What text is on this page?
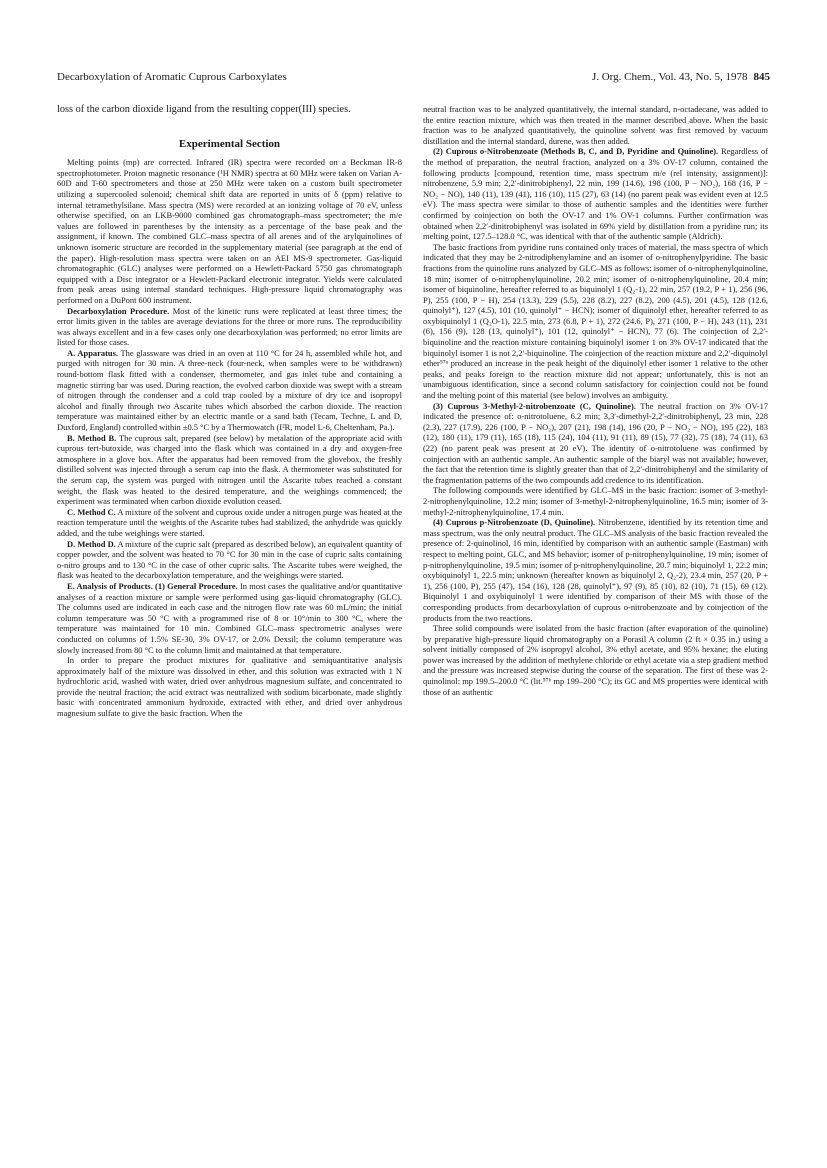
Decarboxylation of Aromatic Cuprous Carboxylates	J. Org. Chem., Vol. 43, No. 5, 1978 845

loss of the carbon dioxide ligand from the resulting copper(III) species.

Experimental Section

Melting points (mp) are corrected. Infrared (IR) spectra were recorded on a Beckman IR-8 spectrophotometer. Proton magnetic resonance (¹H NMR) spectra at 60 MHz were taken on Varian A-60D and T-60 spectrometers and those at 250 MHz were taken on a custom built spectrometer utilizing a supercooled solenoid; chemical shift data are reported in units of δ (ppm) relative to internal tetramethylsilane. Mass spectra (MS) were recorded at an ionizing voltage of 70 eV, unless otherwise specified, on an LKB-9000 combined gas chromatograph–mass spectrometer; the m/e values are followed in parentheses by the intensity as a percentage of the base peak and the assignment, if known. The combined GLC–mass spectra of all arenes and of the arylquinolines of unknown isomeric structure are recorded in the supplementary material (see paragraph at the end of the paper). High-resolution mass spectra were taken on an AEI MS-9 spectrometer. Gas-liquid chromatographic (GLC) analyses were performed on a Hewlett-Packard 5750 gas chromatograph equipped with a Disc integrator or a Hewlett-Packard electronic integrator. Yields were calculated from peak areas using internal standard techniques. High-pressure liquid chromatography was performed on a DuPont 600 instrument.

Decarboxylation Procedure. Most of the kinetic runs were replicated at least three times; the error limits given in the tables are average deviations for the three or more runs. The reproducibility was always excellent and in a few cases only one decarboxylation was performed; no error limits are listed for those cases.

A. Apparatus. The glassware was dried in an oven at 110 °C for 24 h, assembled while hot, and purged with nitrogen for 30 min. A three-neck (four-neck, when samples were to be withdrawn) round-bottom flask fitted with a condenser, thermometer, and gas inlet tube and containing a magnetic stirring bar was used. During reaction, the evolved carbon dioxide was swept with a stream of nitrogen through the condenser and a cold trap cooled by a mixture of dry ice and isopropyl alcohol and finally through two Ascarite tubes which absorbed the carbon dioxide. The reaction temperature was maintained either by an electric mantle or a sand bath (Tecam, Techne, L and D, Duxford, England) controlled within ±0.5 °C by a Thermowatch (I²R, model L-6, Cheltenham, Pa.).

B. Method B. The cuprous salt, prepared (see below) by metalation of the appropriate acid with cuprous tert-butoxide, was charged into the flask which was contained in a dry and oxygen-free atmosphere in a glove box. After the apparatus had been removed from the glovebox, the freshly distilled solvent was injected through a serum cap into the flask. A thermometer was substituted for the serum cap, the system was purged with nitrogen until the Ascarite tubes reached a constant weight, the flask was heated to the desired temperature, and the weighings commenced; the experiment was terminated when carbon dioxide evolution ceased.

C. Method C. A mixture of the solvent and cuprous oxide under a nitrogen purge was heated at the reaction temperature until the weights of the Ascarite tubes had stabilized, the anhydride was quickly added, and the tube weighings were started.

D. Method D. A mixture of the cupric salt (prepared as described below), an equivalent quantity of copper powder, and the solvent was heated to 70 °C for 30 min in the case of cupric salts containing o-nitro groups and to 130 °C in the case of other cupric salts. The Ascarite tubes were weighed, the flask was heated to the decarboxylation temperature, and the weighings were started.

E. Analysis of Products. (1) General Procedure. In most cases the qualitative and/or quantitative analyses of a reaction mixture or sample were performed using gas-liquid chromatography (GLC). The columns used are indicated in each case and the nitrogen flow rate was 60 mL/min; the initial column temperature was 50 °C with a programmed rise of 8 or 10°/min to 300 °C, where the temperature was maintained for 10 min. Combined GLC–mass spectrometric analyses were conducted on columns of 1.5% SE-30, 3% OV-17, or 2.0% Dexsil; the column temperature was slowly increased from 80 °C to the column limit and maintained at that temperature.

In order to prepare the product mixtures for qualitative and semiquantitative analysis approximately half of the mixture was dissolved in ether, and this solution was extracted with 1 N hydrochloric acid, washed with water, dried over anhydrous magnesium sulfate, and concentrated to provide the neutral fraction; the acid extract was neutralized with sodium bicarbonate, made slightly basic with concentrated ammonium hydroxide, extracted with ether, and dried over anhydrous magnesium sulfate to give the basic fraction. When the

neutral fraction was to be analyzed quantitatively, the internal standard, n-octadecane, was added to the entire reaction mixture, which was then treated in the manner described above. When the basic fraction was to be analyzed quantitatively, the quinoline solvent was first removed by vacuum distillation and the internal standard, durene, was then added.

(2) Cuprous o-Nitrobenzoate (Methods B, C, and D, Pyridine and Quinoline). Regardless of the method of preparation, the neutral fraction, analyzed on a 3% OV-17 column, contained the following products [compound, retention time, mass spectrum m/e (rel intensity, assignment)]: nitrobenzene, 5.9 min; 2,2′-dinitrobiphenyl, 22 min, 199 (14.6), 198 (100, P − NO₂), 168 (16, P − NO₂ − NO), 140 (11), 139 (41), 116 (10), 115 (27), 63 (14) (no parent peak was evident even at 12.5 eV). The mass spectra were similar to those of authentic samples and the identities were further confirmed by coinjection on both the OV-17 and 1% OV-1 columns. Further confirmation was obtained when 2,2′-dinitrobiphenyl was isolated in 69% yield by distillation from a pyridine run; its melting point, 127.5–128.0 °C, was identical with that of the authentic sample (Aldrich).

The basic fractions from pyridine runs contained only traces of material, the mass spectra of which indicated that they may be 2-nitrodiphenylamine and an isomer of o-nitrophenylpyridine. The basic fractions from the quinoline runs analyzed by GLC–MS as follows: isomer of o-nitrophenylquinoline, 18 min; isomer of o-nitrophenylquinoline, 20.2 min; isomer of o-nitrophenylquinoline, 20.4 min; isomer of biquinoline, hereafter referred to as biquinolyl 1 (Q₂-1), 22 min, 257 (19.2, P + 1), 256 (96, P), 255 (100, P − H), 254 (13.3), 229 (5.5), 228 (8.2), 227 (8.2), 200 (4.5), 201 (4.5), 128 (12.6, quinolyl⁺), 127 (4.5), 101 (10, quinolyl⁺ − HCN); isomer of diquinolyl ether, hereafter referred to as oxybiquinolyl 1 (Q₂O-1), 22.5 min, 273 (6.8, P + 1), 272 (24.6, P), 271 (100, P − H), 243 (11), 231 (6), 156 (9), 128 (13, quinolyl⁺), 101 (12, quinolyl⁺ − HCN), 77 (6). The coinjection of 2,2′-biquinoline and the reaction mixture containing biquinolyl isomer 1 on 3% OV-17 indicated that the biquinolyl isomer 1 is not 2,2′-biquinoline. The coinjection of the reaction mixture and 2,2′-diquinolyl ether⁵⁷ᵃ produced an increase in the peak height of the diquinolyl ether isomer 1 relative to the other peaks, and peaks foreign to the reaction mixture did not appear; unfortunately, this is not an unambiguous identification, since a second column satisfactory for coinjection could not be found and the melting point of this material (see below) involves an ambiguity.

(3) Cuprous 3-Methyl-2-nitrobenzoate (C, Quinoline). The neutral fraction on 3% OV-17 indicated the presence of: o-nitrotoluene, 6.2 min; 3,3′-dimethyl-2,2′-dinitrobiphenyl, 23 min, 228 (2.3), 227 (17.9), 226 (100, P − NO₂), 207 (21), 198 (14), 196 (20, P − NO₂ − NO), 195 (22), 183 (12), 180 (11), 179 (11), 165 (18), 115 (24), 104 (11), 91 (11), 89 (15), 77 (32), 75 (18), 74 (11), 63 (22) (no parent peak was present at 20 eV). The identity of o-nitrotoluene was confirmed by coinjection with an authentic sample. An authentic sample of the biaryl was not available; however, the fact that the retention time is slightly greater than that of 2,2′-dinitrobiphenyl and the similarity of the fragmentation patterns of the two compounds add credence to its identification.

The following compounds were identified by GLC–MS in the basic fraction: isomer of 3-methyl-2-nitrophenylquinoline, 12.2 min; isomer of 3-methyl-2-nitrophenylquinoline, 16.5 min; isomer of 3-methyl-2-nitrophenylquinoline, 17.4 min.

(4) Cuprous p-Nitrobenzoate (D, Quinoline). Nitrobenzene, identified by its retention time and mass spectrum, was the only neutral product. The GLC–MS analysis of the basic fraction revealed the presence of: 2-quinolinol, 16 min, identified by comparison with an authentic sample (Eastman) with respect to melting point, GLC, and MS behavior; isomer of p-nitrophenylquinoline, 19 min; isomer of p-nitrophenylquinoline, 19.5 min; isomer of p-nitrophenylquinoline, 20.7 min; biquinolyl 1, 22.2 min; oxybiquinolyl 1, 22.5 min; unknown (hereafter known as biquinolyl 2, Q₂-2), 23.4 min, 257 (20, P + 1), 256 (100, P), 255 (47), 154 (16), 128 (28, quinolyl⁺), 97 (9), 85 (10), 82 (10), 71 (15), 69 (12). Biquinolyl 1 and oxybiquinolyl 1 were identified by comparison of their MS with those of the corresponding products from decarboxylation of cuprous o-nitrobenzoate and by coinjection of the products from the two reactions.

Three solid compounds were isolated from the basic fraction (after evaporation of the quinoline) by preparative high-pressure liquid chromatography on a Porasil A column (2 ft × 0.35 in.) using a solvent initially composed of 2% isopropyl alcohol, 3% ethyl acetate, and 95% hexane; the eluting power was increased by the addition of methylene chloride or ethyl acetate via a step gradient method and the pressure was increased stepwise during the course of the separation. The first of these was 2-quinolinol: mp 199.5–200.0 °C (lit.⁵⁷ᵇ mp 199–200 °C); its GC and MS properties were identical with those of an authentic
